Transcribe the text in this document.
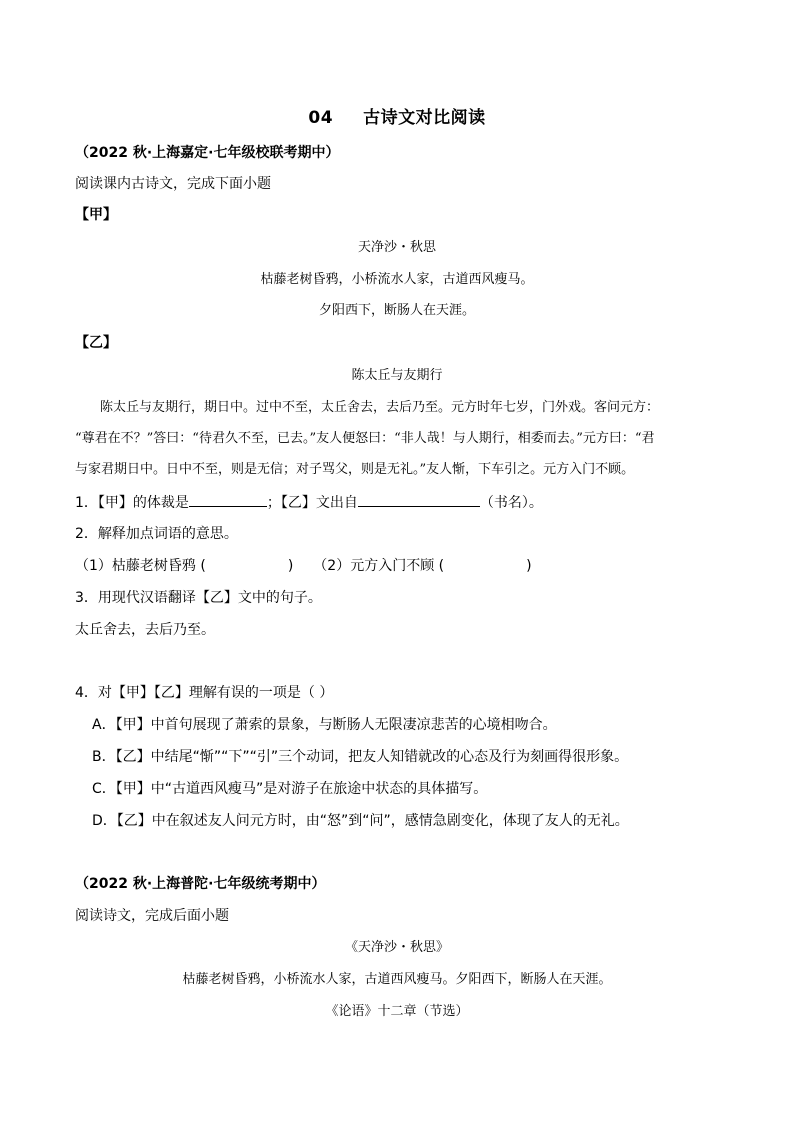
04 古诗文对比阅读
（2022 秋·上海嘉定·七年级校联考期中）
阅读课内古诗文，完成下面小题
【甲】
天净沙・秋思
枯藤老树昏鸦，小桥流水人家，古道西风瘦马。
夕阳西下，断肠人在天涯。
【乙】
陈太丘与友期行
陈太丘与友期行，期日中。过中不至，太丘舍去，去后乃至。元方时年七岁，门外戏。客问元方：
“尊君在不？”答曰：“待君久不至，已去。”友人便怒曰：“非人哉！与人期行，相委而去。”元方曰：“君
与家君期日中。日中不至，则是无信；对子骂父，则是无礼。”友人惭，下车引之。元方入门不顾。
1．【甲】的体裁是	；【乙】文出自	（书名）。
2．解释加点词语的意思。
（1）枯藤老树昏鸦 (	) （2）元方入门不顾 (	)
3．用现代汉语翻译【乙】文中的句子。
太丘舍去，去后乃至。
4．对【甲】【乙】理解有误的一项是（ ）
A．【甲】中首句展现了萧索的景象，与断肠人无限凄凉悲苦的心境相吻合。
B．【乙】中结尾“惭”“下”“引”三个动词，把友人知错就改的心态及行为刻画得很形象。
C．【甲】中“古道西风瘦马”是对游子在旅途中状态的具体描写。
D．【乙】中在叙述友人问元方时，由“怒”到“问”，感情急剧变化，体现了友人的无礼。
（2022 秋·上海普陀·七年级统考期中）
阅读诗文，完成后面小题
《天净沙・秋思》
枯藤老树昏鸦，小桥流水人家，古道西风瘦马。夕阳西下，断肠人在天涯。
《论语》十二章（节选）
